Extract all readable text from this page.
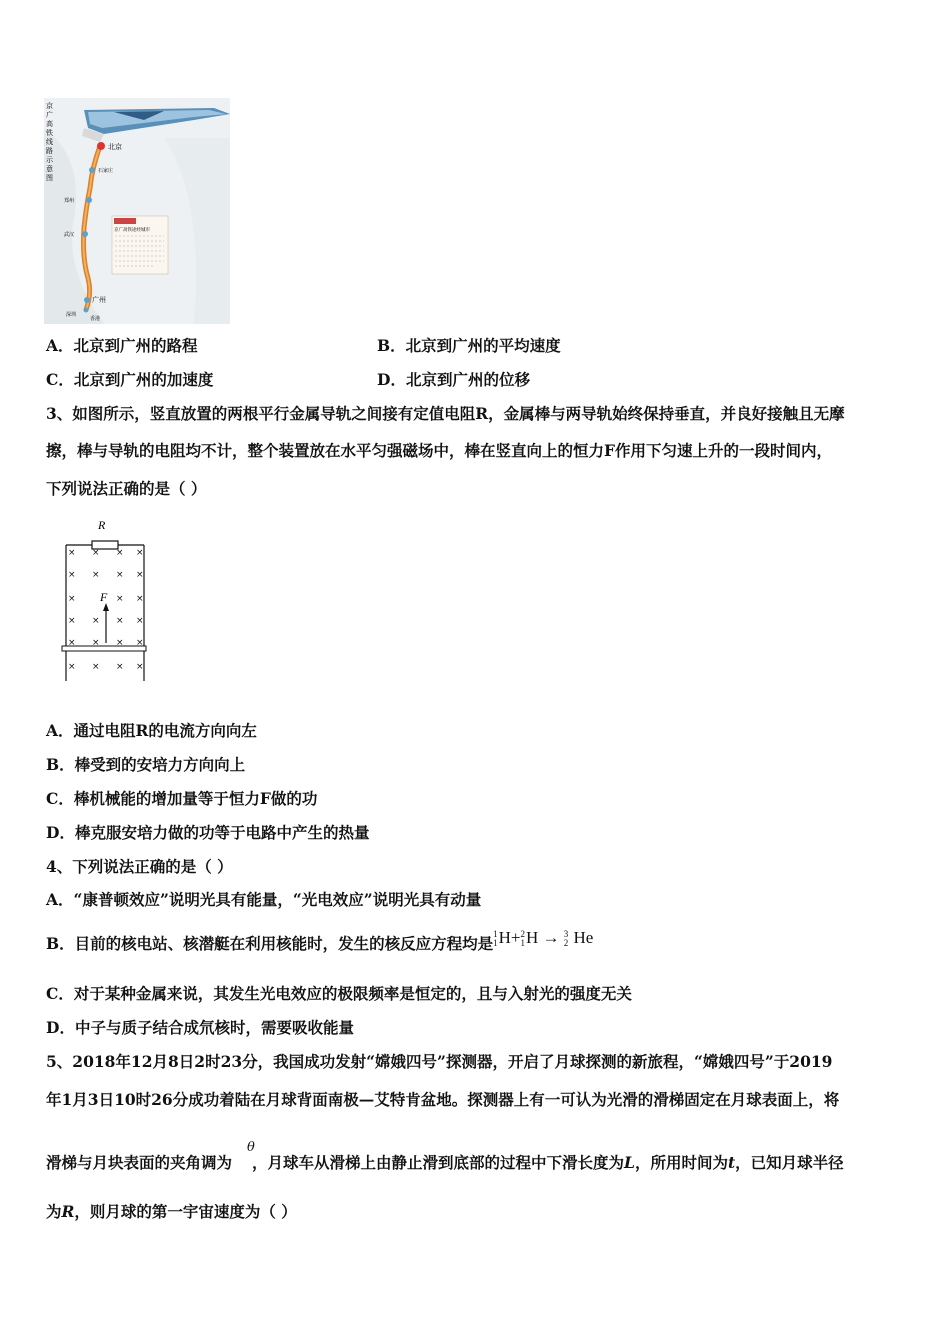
京
广
高
铁
线
路
示
意
图
北京
石家庄
郑州
武汉
广州
深圳
香港
京广高铁途经城市
A．北京到广州的路程	B．北京到广州的平均速度
C．北京到广州的加速度	D．北京到广州的位移
3、如图所示，竖直放置的两根平行金属导轨之间接有定值电阻R，金属棒与两导轨始终保持垂直，并良好接触且无摩
擦，棒与导轨的电阻均不计，整个装置放在水平匀强磁场中，棒在竖直向上的恒力F作用下匀速上升的一段时间内，
下列说法正确的是（ ）
R
× × × ×
× × × ×
×	× ×
× × × ×
× × × ×
× × × ×
F
A．通过电阻R的电流方向向左
B．棒受到的安培力方向向上
C．棒机械能的增加量等于恒力F做的功
D．棒克服安培力做的功等于电路中产生的热量
4、下列说法正确的是（ ）
A．“康普顿效应”说明光具有能量，“光电效应”说明光具有动量
B．目前的核电站、核潜艇在利用核能时，发生的核反应方程均是 1
1 H+ 2
1 H → 3
2 He
C．对于某种金属来说，其发生光电效应的极限频率是恒定的，且与入射光的强度无关
D．中子与质子结合成氘核时，需要吸收能量
5、2018年12月8日2时23分，我国成功发射“嫦娥四号”探测器，开启了月球探测的新旅程，“嫦娥四号”于2019
年1月3日10时26分成功着陆在月球背面南极—艾特肯盆地。探测器上有一可认为光滑的滑梯固定在月球表面上，将
滑梯与月块表面的夹角调为 ，月球车从滑梯上由静止滑到底部的过程中下滑长度为L，所用时间为t，已知月球半径
θ
为R，则月球的第一宇宙速度为（ ）
